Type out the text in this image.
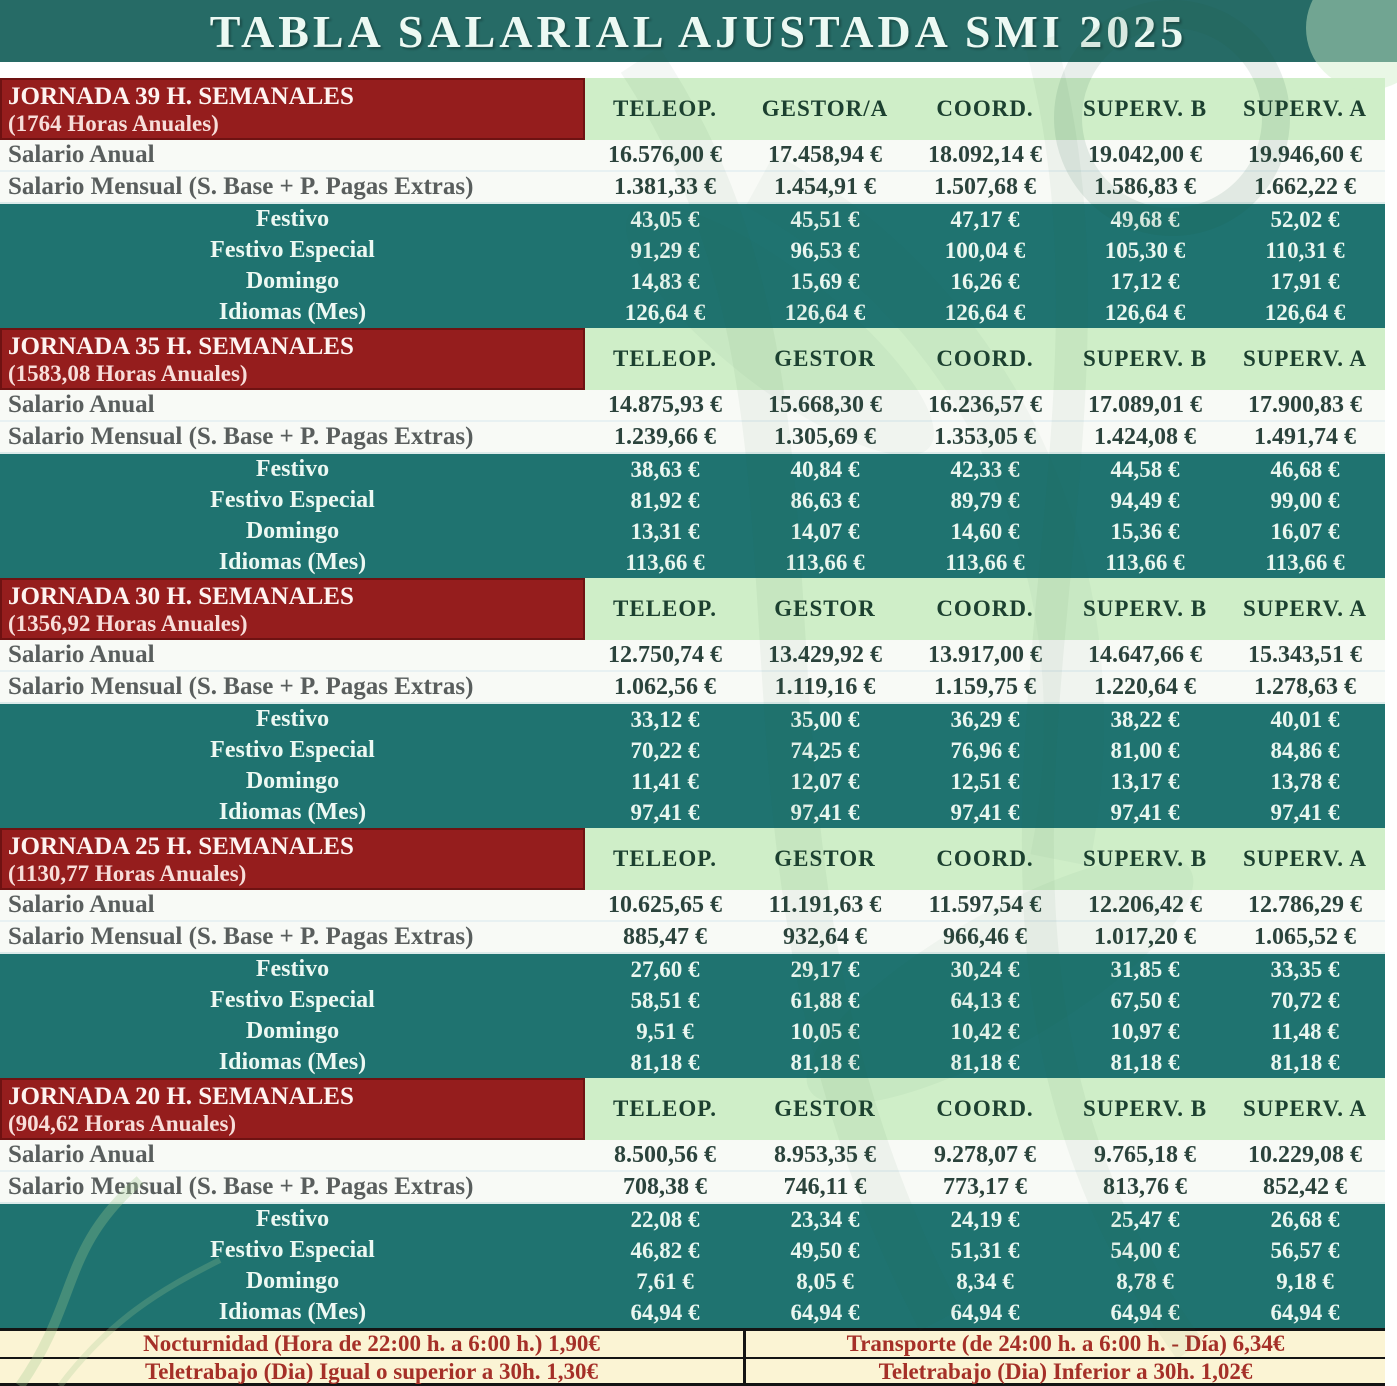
TABLA SALARIAL AJUSTADA SMI 2025
JORNADA 39 H. SEMANALES
(1764 Horas Anuales)
TELEOP.	GESTOR/A	COORD.	SUPERV. B	SUPERV. A
Salario Anual	16.576,00 €	17.458,94 €	18.092,14 €	19.042,00 €	19.946,60 €
Salario Mensual (S. Base + P. Pagas Extras)	1.381,33 €	1.454,91 €	1.507,68 €	1.586,83 €	1.662,22 €
Festivo	43,05 €	45,51 €	47,17 €	49,68 €	52,02 €
Festivo Especial	91,29 €	96,53 €	100,04 €	105,30 €	110,31 €
Domingo	14,83 €	15,69 €	16,26 €	17,12 €	17,91 €
Idiomas (Mes)	126,64 €	126,64 €	126,64 €	126,64 €	126,64 €
JORNADA 35 H. SEMANALES
(1583,08 Horas Anuales)
TELEOP.	GESTOR	COORD.	SUPERV. B	SUPERV. A
Salario Anual	14.875,93 €	15.668,30 €	16.236,57 €	17.089,01 €	17.900,83 €
Salario Mensual (S. Base + P. Pagas Extras)	1.239,66 €	1.305,69 €	1.353,05 €	1.424,08 €	1.491,74 €
Festivo	38,63 €	40,84 €	42,33 €	44,58 €	46,68 €
Festivo Especial	81,92 €	86,63 €	89,79 €	94,49 €	99,00 €
Domingo	13,31 €	14,07 €	14,60 €	15,36 €	16,07 €
Idiomas (Mes)	113,66 €	113,66 €	113,66 €	113,66 €	113,66 €
JORNADA 30 H. SEMANALES
(1356,92 Horas Anuales)
TELEOP.	GESTOR	COORD.	SUPERV. B	SUPERV. A
Salario Anual	12.750,74 €	13.429,92 €	13.917,00 €	14.647,66 €	15.343,51 €
Salario Mensual (S. Base + P. Pagas Extras)	1.062,56 €	1.119,16 €	1.159,75 €	1.220,64 €	1.278,63 €
Festivo	33,12 €	35,00 €	36,29 €	38,22 €	40,01 €
Festivo Especial	70,22 €	74,25 €	76,96 €	81,00 €	84,86 €
Domingo	11,41 €	12,07 €	12,51 €	13,17 €	13,78 €
Idiomas (Mes)	97,41 €	97,41 €	97,41 €	97,41 €	97,41 €
JORNADA 25 H. SEMANALES
(1130,77 Horas Anuales)
TELEOP.	GESTOR	COORD.	SUPERV. B	SUPERV. A
Salario Anual	10.625,65 €	11.191,63 €	11.597,54 €	12.206,42 €	12.786,29 €
Salario Mensual (S. Base + P. Pagas Extras)	885,47 €	932,64 €	966,46 €	1.017,20 €	1.065,52 €
Festivo	27,60 €	29,17 €	30,24 €	31,85 €	33,35 €
Festivo Especial	58,51 €	61,88 €	64,13 €	67,50 €	70,72 €
Domingo	9,51 €	10,05 €	10,42 €	10,97 €	11,48 €
Idiomas (Mes)	81,18 €	81,18 €	81,18 €	81,18 €	81,18 €
JORNADA 20 H. SEMANALES
(904,62 Horas Anuales)
TELEOP.	GESTOR	COORD.	SUPERV. B	SUPERV. A
Salario Anual	8.500,56 €	8.953,35 €	9.278,07 €	9.765,18 €	10.229,08 €
Salario Mensual (S. Base + P. Pagas Extras)	708,38 €	746,11 €	773,17 €	813,76 €	852,42 €
Festivo	22,08 €	23,34 €	24,19 €	25,47 €	26,68 €
Festivo Especial	46,82 €	49,50 €	51,31 €	54,00 €	56,57 €
Domingo	7,61 €	8,05 €	8,34 €	8,78 €	9,18 €
Idiomas (Mes)	64,94 €	64,94 €	64,94 €	64,94 €	64,94 €
Nocturnidad (Hora de 22:00 h. a 6:00 h.) 1,90€	Transporte (de 24:00 h. a 6:00 h. - Día) 6,34€
Teletrabajo (Dia) Igual o superior a 30h. 1,30€	Teletrabajo (Dia) Inferior a 30h. 1,02€
